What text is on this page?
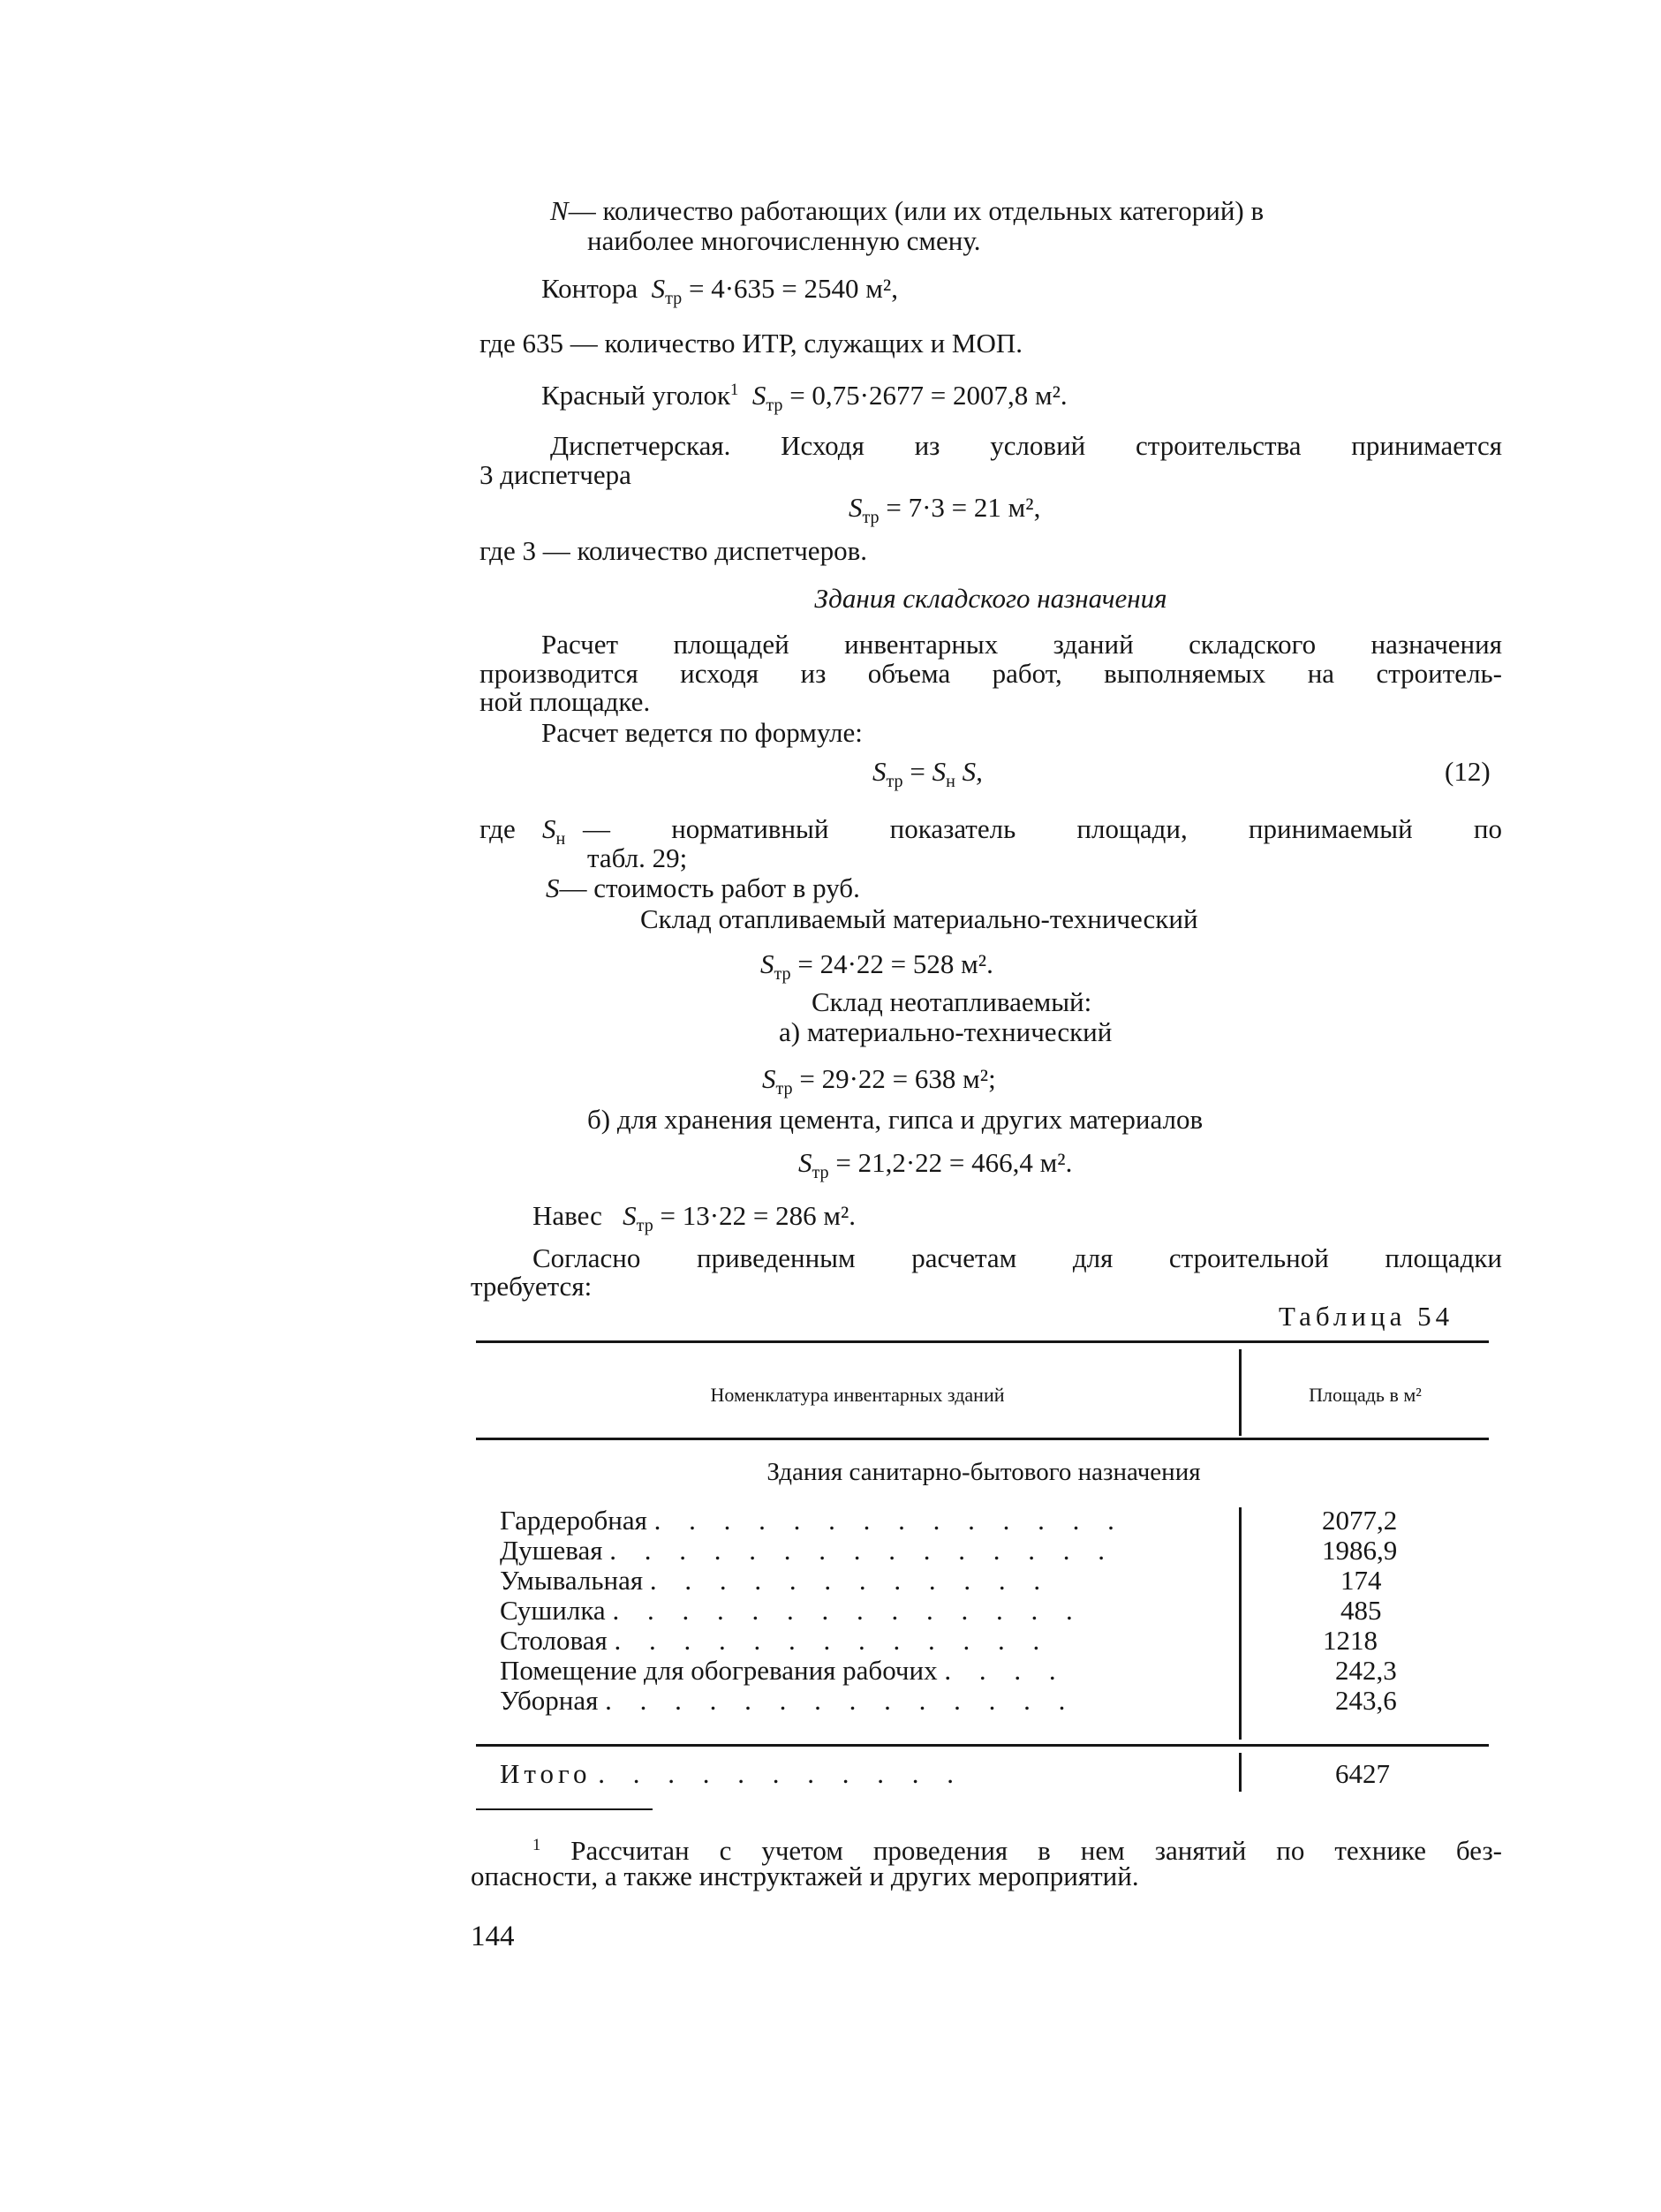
N— количество работающих (или их отдельных категорий) в
наиболее многочисленную смену.
Контора $S_{тр} = 4\cdot 635 = 2540$ м²,
где 635 — количество ИТР, служащих и МОП.
Красный уголок$^1$ $S_{тр} = 0,75\cdot 2677 = 2007,8$ м².
Диспетчерская. Исходя из условий строительства принимается
3 диспетчера
$S_{тр} = 7\cdot 3 = 21$ м²,
где 3 — количество диспетчеров.
Здания складского назначения
Расчет площадей инвентарных зданий складского назначения
производится исходя из объема работ, выполняемых на строитель-
ной площадке.
Расчет ведется по формуле:
$S_{тр} = S_н$ S,	(12)
где $S_н$ — нормативный показатель площади, принимаемый по
табл. 29;
S— стоимость работ в руб.
Склад отапливаемый материально-технический
$S_{тр} = 24\cdot 22 = 528$ м².
Склад неотапливаемый:
а) материально-технический
$S_{тр} = 29\cdot 22 = 638$ м²;
б) для хранения цемента, гипса и других материалов
$S_{тр} = 21,2\cdot 22 = 466,4$ м².
Навес $S_{тр} = 13\cdot 22 = 286$ м².
Согласно приведенным расчетам для строительной площадки
требуется:
Таблица 54
Номенклатура инвентарных зданий	Площадь в м²
Здания санитарно-бытового назначения
Гардеробная . . . . . . . . . . . . . .	2077,2
Душевая . . . . . . . . . . . . . . .	1986,9
Умывальная . . . . . . . . . . . .	174
Сушилка . . . . . . . . . . . . . .	485
Столовая . . . . . . . . . . . . .	1218
Помещение для обогревания рабочих . . . .	242,3
Уборная . . . . . . . . . . . . . .	243,6
Итого . . . . . . . . . . .	6427
$^1$ Рассчитан с учетом проведения в нем занятий по технике без-
опасности, а также инструктажей и других мероприятий.
144
